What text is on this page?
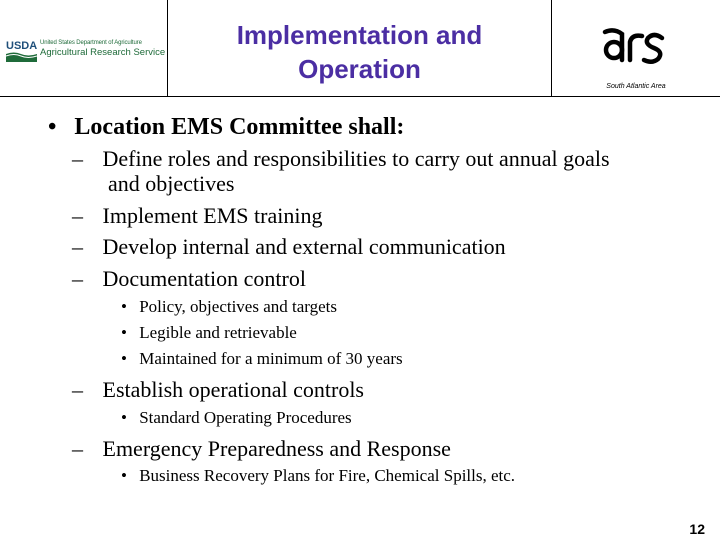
USDA United States Department of Agriculture
Agricultural Research Service
Implementation and
Operation
South Atlantic Area
• Location EMS Committee shall:
– Define roles and responsibilities to carry out annual goals
and objectives
– Implement EMS training
– Develop internal and external communication
– Documentation control
• Policy, objectives and targets
• Legible and retrievable
• Maintained for a minimum of 30 years
– Establish operational controls
• Standard Operating Procedures
– Emergency Preparedness and Response
• Business Recovery Plans for Fire, Chemical Spills, etc.
12
